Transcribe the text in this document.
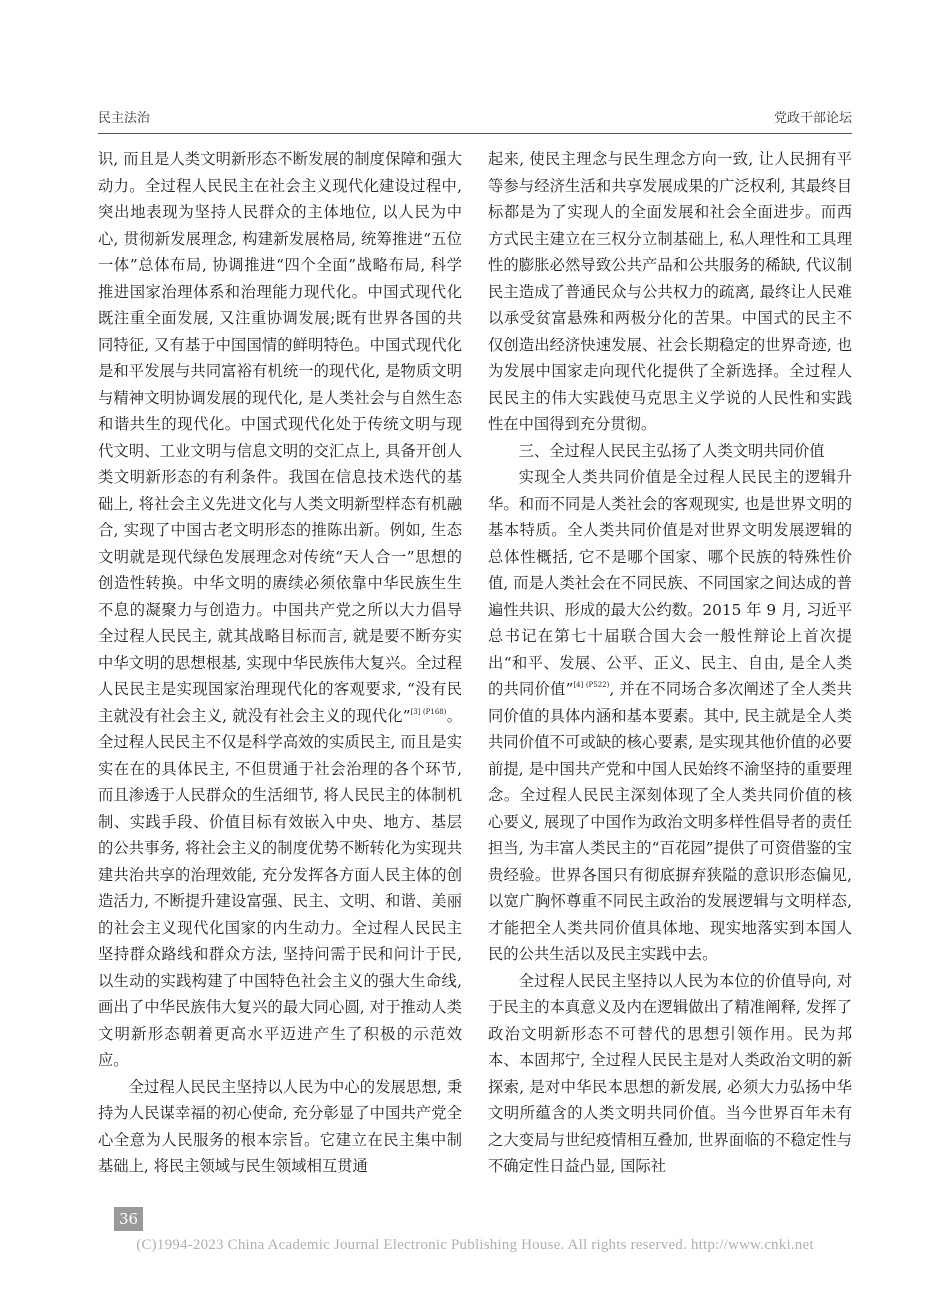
民主法治	党政干部论坛

识, 而且是人类文明新形态不断发展的制度保障和强大动力。全过程人民民主在社会主义现代化建设过程中, 突出地表现为坚持人民群众的主体地位, 以人民为中心, 贯彻新发展理念, 构建新发展格局, 统筹推进“五位一体”总体布局, 协调推进“四个全面”战略布局, 科学推进国家治理体系和治理能力现代化。中国式现代化既注重全面发展, 又注重协调发展;既有世界各国的共同特征, 又有基于中国国情的鲜明特色。中国式现代化是和平发展与共同富裕有机统一的现代化, 是物质文明与精神文明协调发展的现代化, 是人类社会与自然生态和谐共生的现代化。中国式现代化处于传统文明与现代文明、工业文明与信息文明的交汇点上, 具备开创人类文明新形态的有利条件。我国在信息技术迭代的基础上, 将社会主义先进文化与人类文明新型样态有机融合, 实现了中国古老文明形态的推陈出新。例如, 生态文明就是现代绿色发展理念对传统“天人合一”思想的创造性转换。中华文明的赓续必须依靠中华民族生生不息的凝聚力与创造力。中国共产党之所以大力倡导全过程人民民主, 就其战略目标而言, 就是要不断夯实中华文明的思想根基, 实现中华民族伟大复兴。全过程人民民主是实现国家治理现代化的客观要求, “没有民主就没有社会主义, 就没有社会主义的现代化”$^{[3] (P168)}$。全过程人民民主不仅是科学高效的实质民主, 而且是实实在在的具体民主, 不但贯通于社会治理的各个环节, 而且渗透于人民群众的生活细节, 将人民民主的体制机制、实践手段、价值目标有效嵌入中央、地方、基层的公共事务, 将社会主义的制度优势不断转化为实现共建共治共享的治理效能, 充分发挥各方面人民主体的创造活力, 不断提升建设富强、民主、文明、和谐、美丽的社会主义现代化国家的内生动力。全过程人民民主坚持群众路线和群众方法, 坚持问需于民和问计于民, 以生动的实践构建了中国特色社会主义的强大生命线, 画出了中华民族伟大复兴的最大同心圆, 对于推动人类文明新形态朝着更高水平迈进产生了积极的示范效应。

全过程人民民主坚持以人民为中心的发展思想, 秉持为人民谋幸福的初心使命, 充分彰显了中国共产党全心全意为人民服务的根本宗旨。它建立在民主集中制基础上, 将民主领域与民生领域相互贯通

起来, 使民主理念与民生理念方向一致, 让人民拥有平等参与经济生活和共享发展成果的广泛权利, 其最终目标都是为了实现人的全面发展和社会全面进步。而西方式民主建立在三权分立制基础上, 私人理性和工具理性的膨胀必然导致公共产品和公共服务的稀缺, 代议制民主造成了普通民众与公共权力的疏离, 最终让人民难以承受贫富悬殊和两极分化的苦果。中国式的民主不仅创造出经济快速发展、社会长期稳定的世界奇迹, 也为发展中国家走向现代化提供了全新选择。全过程人民民主的伟大实践使马克思主义学说的人民性和实践性在中国得到充分贯彻。

三、全过程人民民主弘扬了人类文明共同价值

实现全人类共同价值是全过程人民民主的逻辑升华。和而不同是人类社会的客观现实, 也是世界文明的基本特质。全人类共同价值是对世界文明发展逻辑的总体性概括, 它不是哪个国家、哪个民族的特殊性价值, 而是人类社会在不同民族、不同国家之间达成的普遍性共识、形成的最大公约数。2015 年 9 月, 习近平总书记在第七十届联合国大会一般性辩论上首次提出“和平、发展、公平、正义、民主、自由, 是全人类的共同价值”$^{[4] (P522)}$, 并在不同场合多次阐述了全人类共同价值的具体内涵和基本要素。其中, 民主就是全人类共同价值不可或缺的核心要素, 是实现其他价值的必要前提, 是中国共产党和中国人民始终不渝坚持的重要理念。全过程人民民主深刻体现了全人类共同价值的核心要义, 展现了中国作为政治文明多样性倡导者的责任担当, 为丰富人类民主的“百花园”提供了可资借鉴的宝贵经验。世界各国只有彻底摒弃狭隘的意识形态偏见, 以宽广胸怀尊重不同民主政治的发展逻辑与文明样态, 才能把全人类共同价值具体地、现实地落实到本国人民的公共生活以及民主实践中去。

全过程人民民主坚持以人民为本位的价值导向, 对于民主的本真意义及内在逻辑做出了精准阐释, 发挥了政治文明新形态不可替代的思想引领作用。民为邦本、本固邦宁, 全过程人民民主是对人类政治文明的新探索, 是对中华民本思想的新发展, 必须大力弘扬中华文明所蕴含的人类文明共同价值。当今世界百年未有之大变局与世纪疫情相互叠加, 世界面临的不稳定性与不确定性日益凸显, 国际社

36
(C)1994-2023 China Academic Journal Electronic Publishing House. All rights reserved. http://www.cnki.net
